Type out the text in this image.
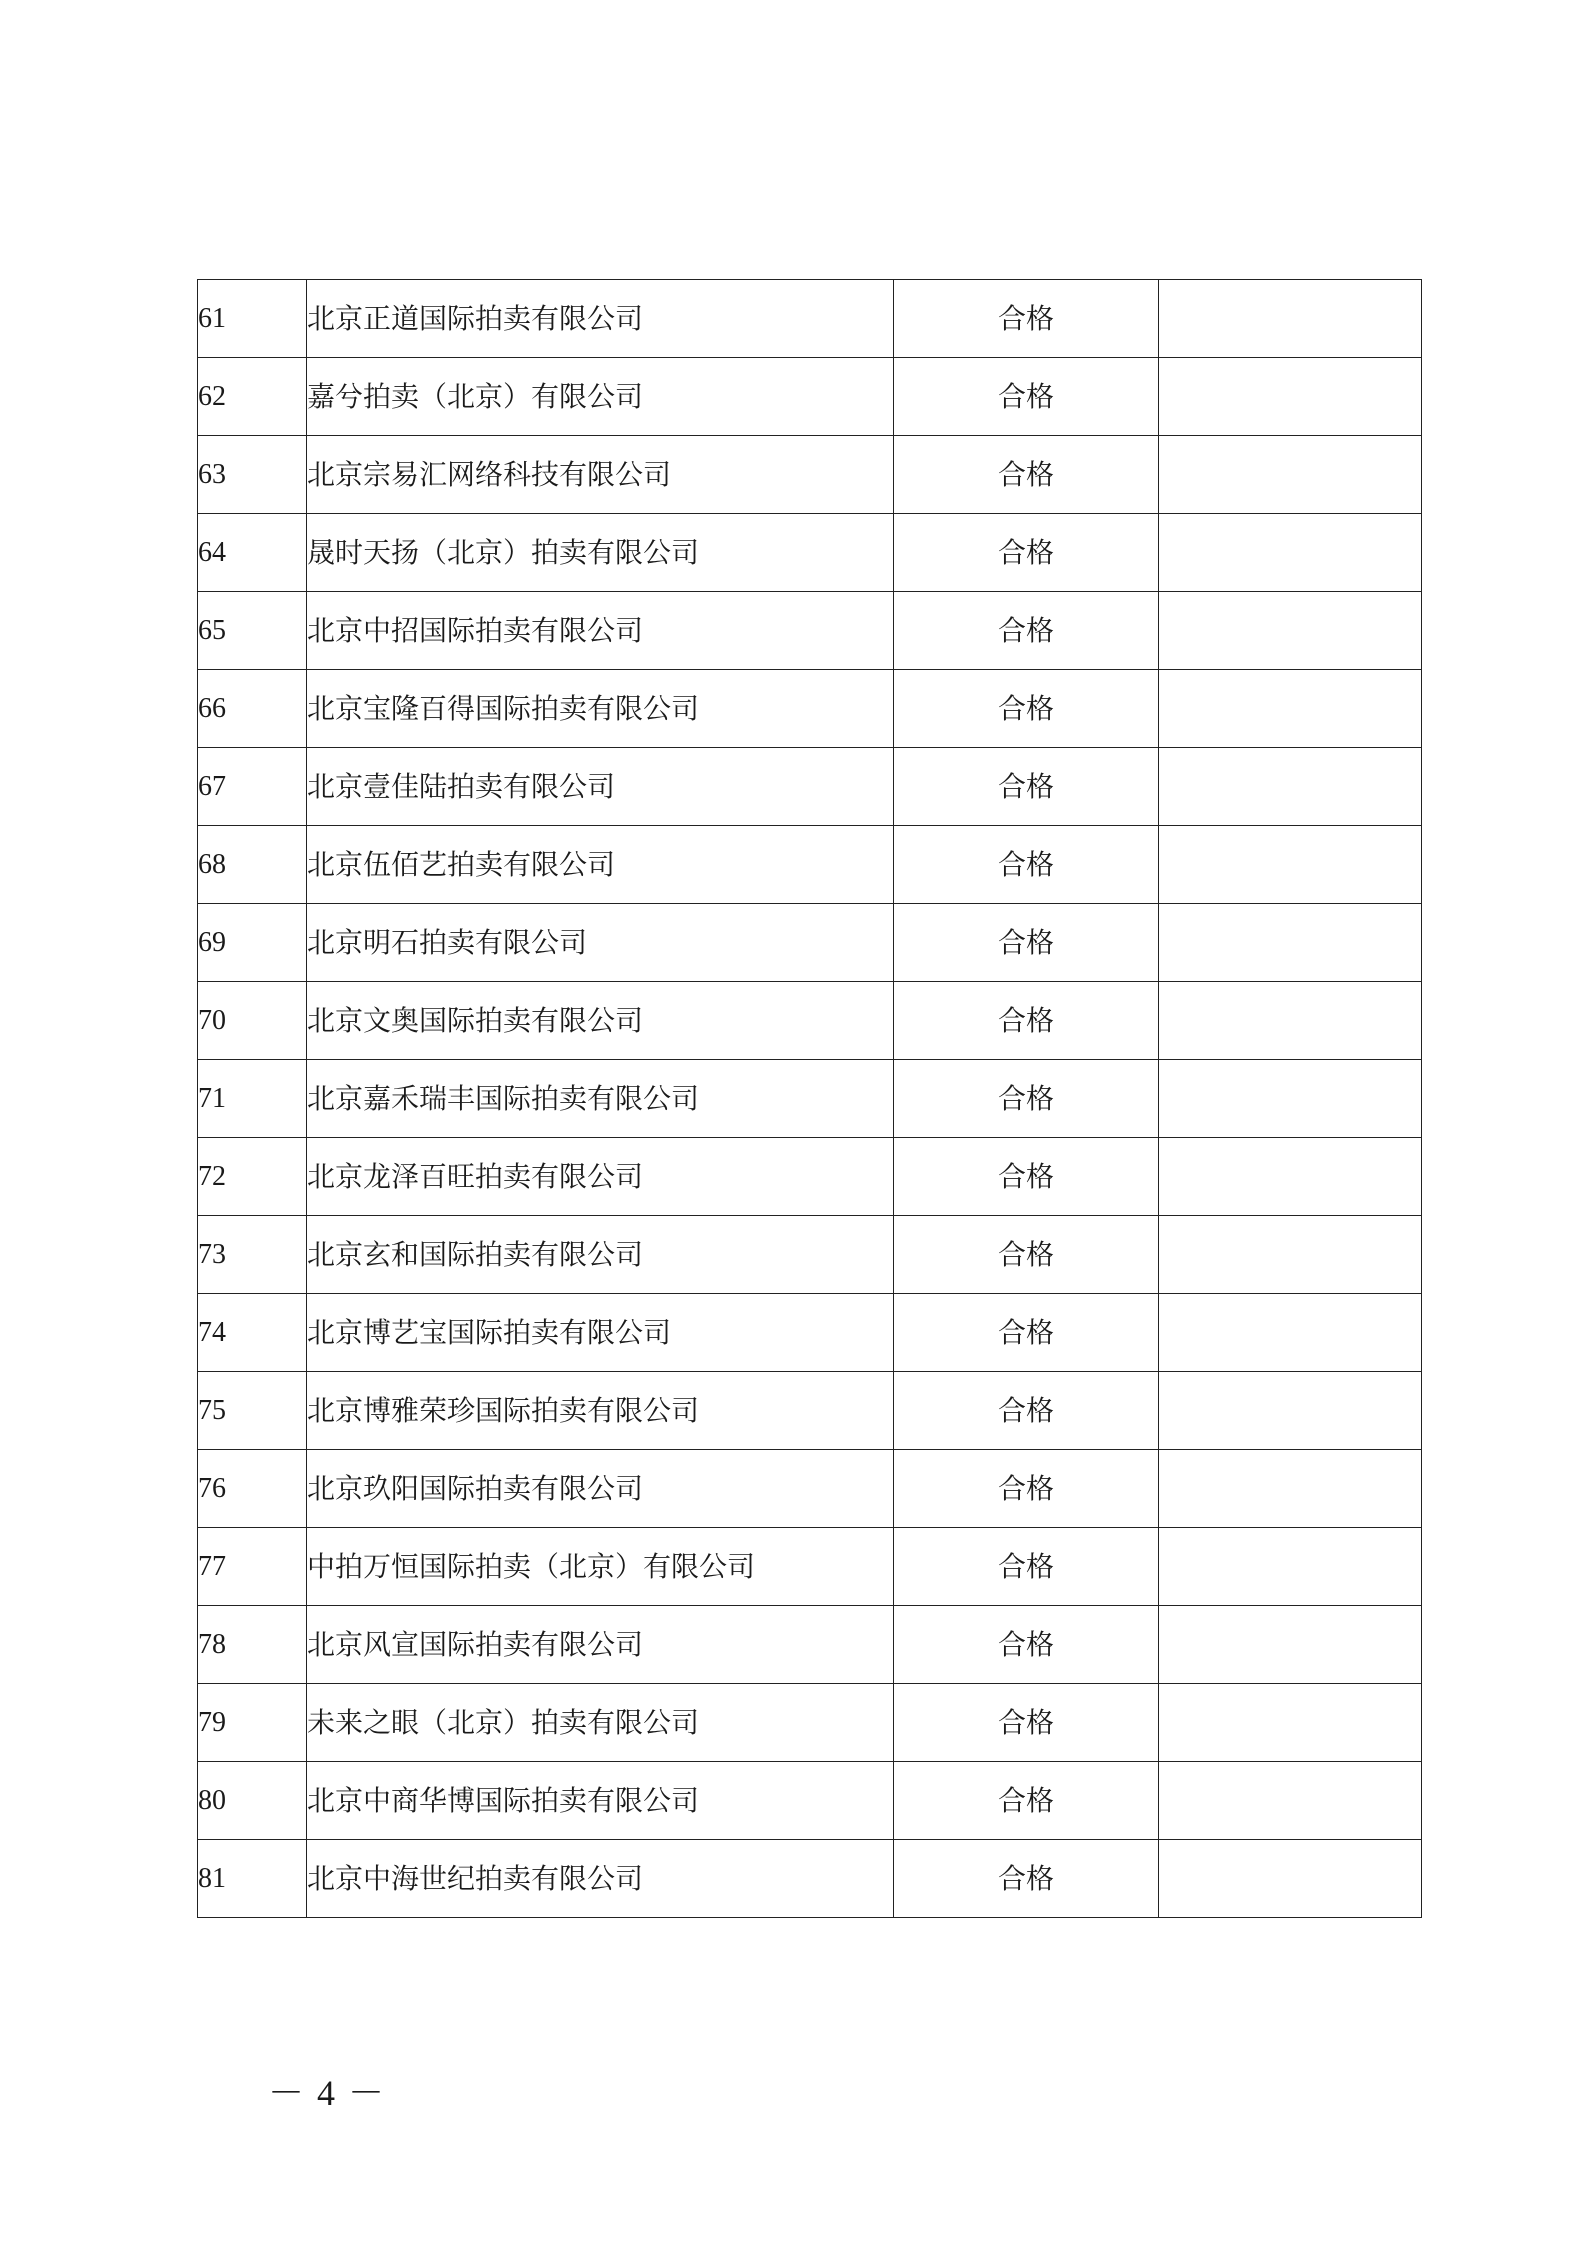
61	北京正道国际拍卖有限公司	合格	
62	嘉兮拍卖（北京）有限公司	合格	
63	北京宗易汇网络科技有限公司	合格	
64	晟时天扬（北京）拍卖有限公司	合格	
65	北京中招国际拍卖有限公司	合格	
66	北京宝隆百得国际拍卖有限公司	合格	
67	北京壹佳陆拍卖有限公司	合格	
68	北京伍佰艺拍卖有限公司	合格	
69	北京明石拍卖有限公司	合格	
70	北京文奥国际拍卖有限公司	合格	
71	北京嘉禾瑞丰国际拍卖有限公司	合格	
72	北京龙泽百旺拍卖有限公司	合格	
73	北京玄和国际拍卖有限公司	合格	
74	北京博艺宝国际拍卖有限公司	合格	
75	北京博雅荣珍国际拍卖有限公司	合格	
76	北京玖阳国际拍卖有限公司	合格	
77	中拍万恒国际拍卖（北京）有限公司	合格	
78	北京风宣国际拍卖有限公司	合格	
79	未来之眼（北京）拍卖有限公司	合格	
80	北京中商华博国际拍卖有限公司	合格	
81	北京中海世纪拍卖有限公司	合格	
－ 4 －
